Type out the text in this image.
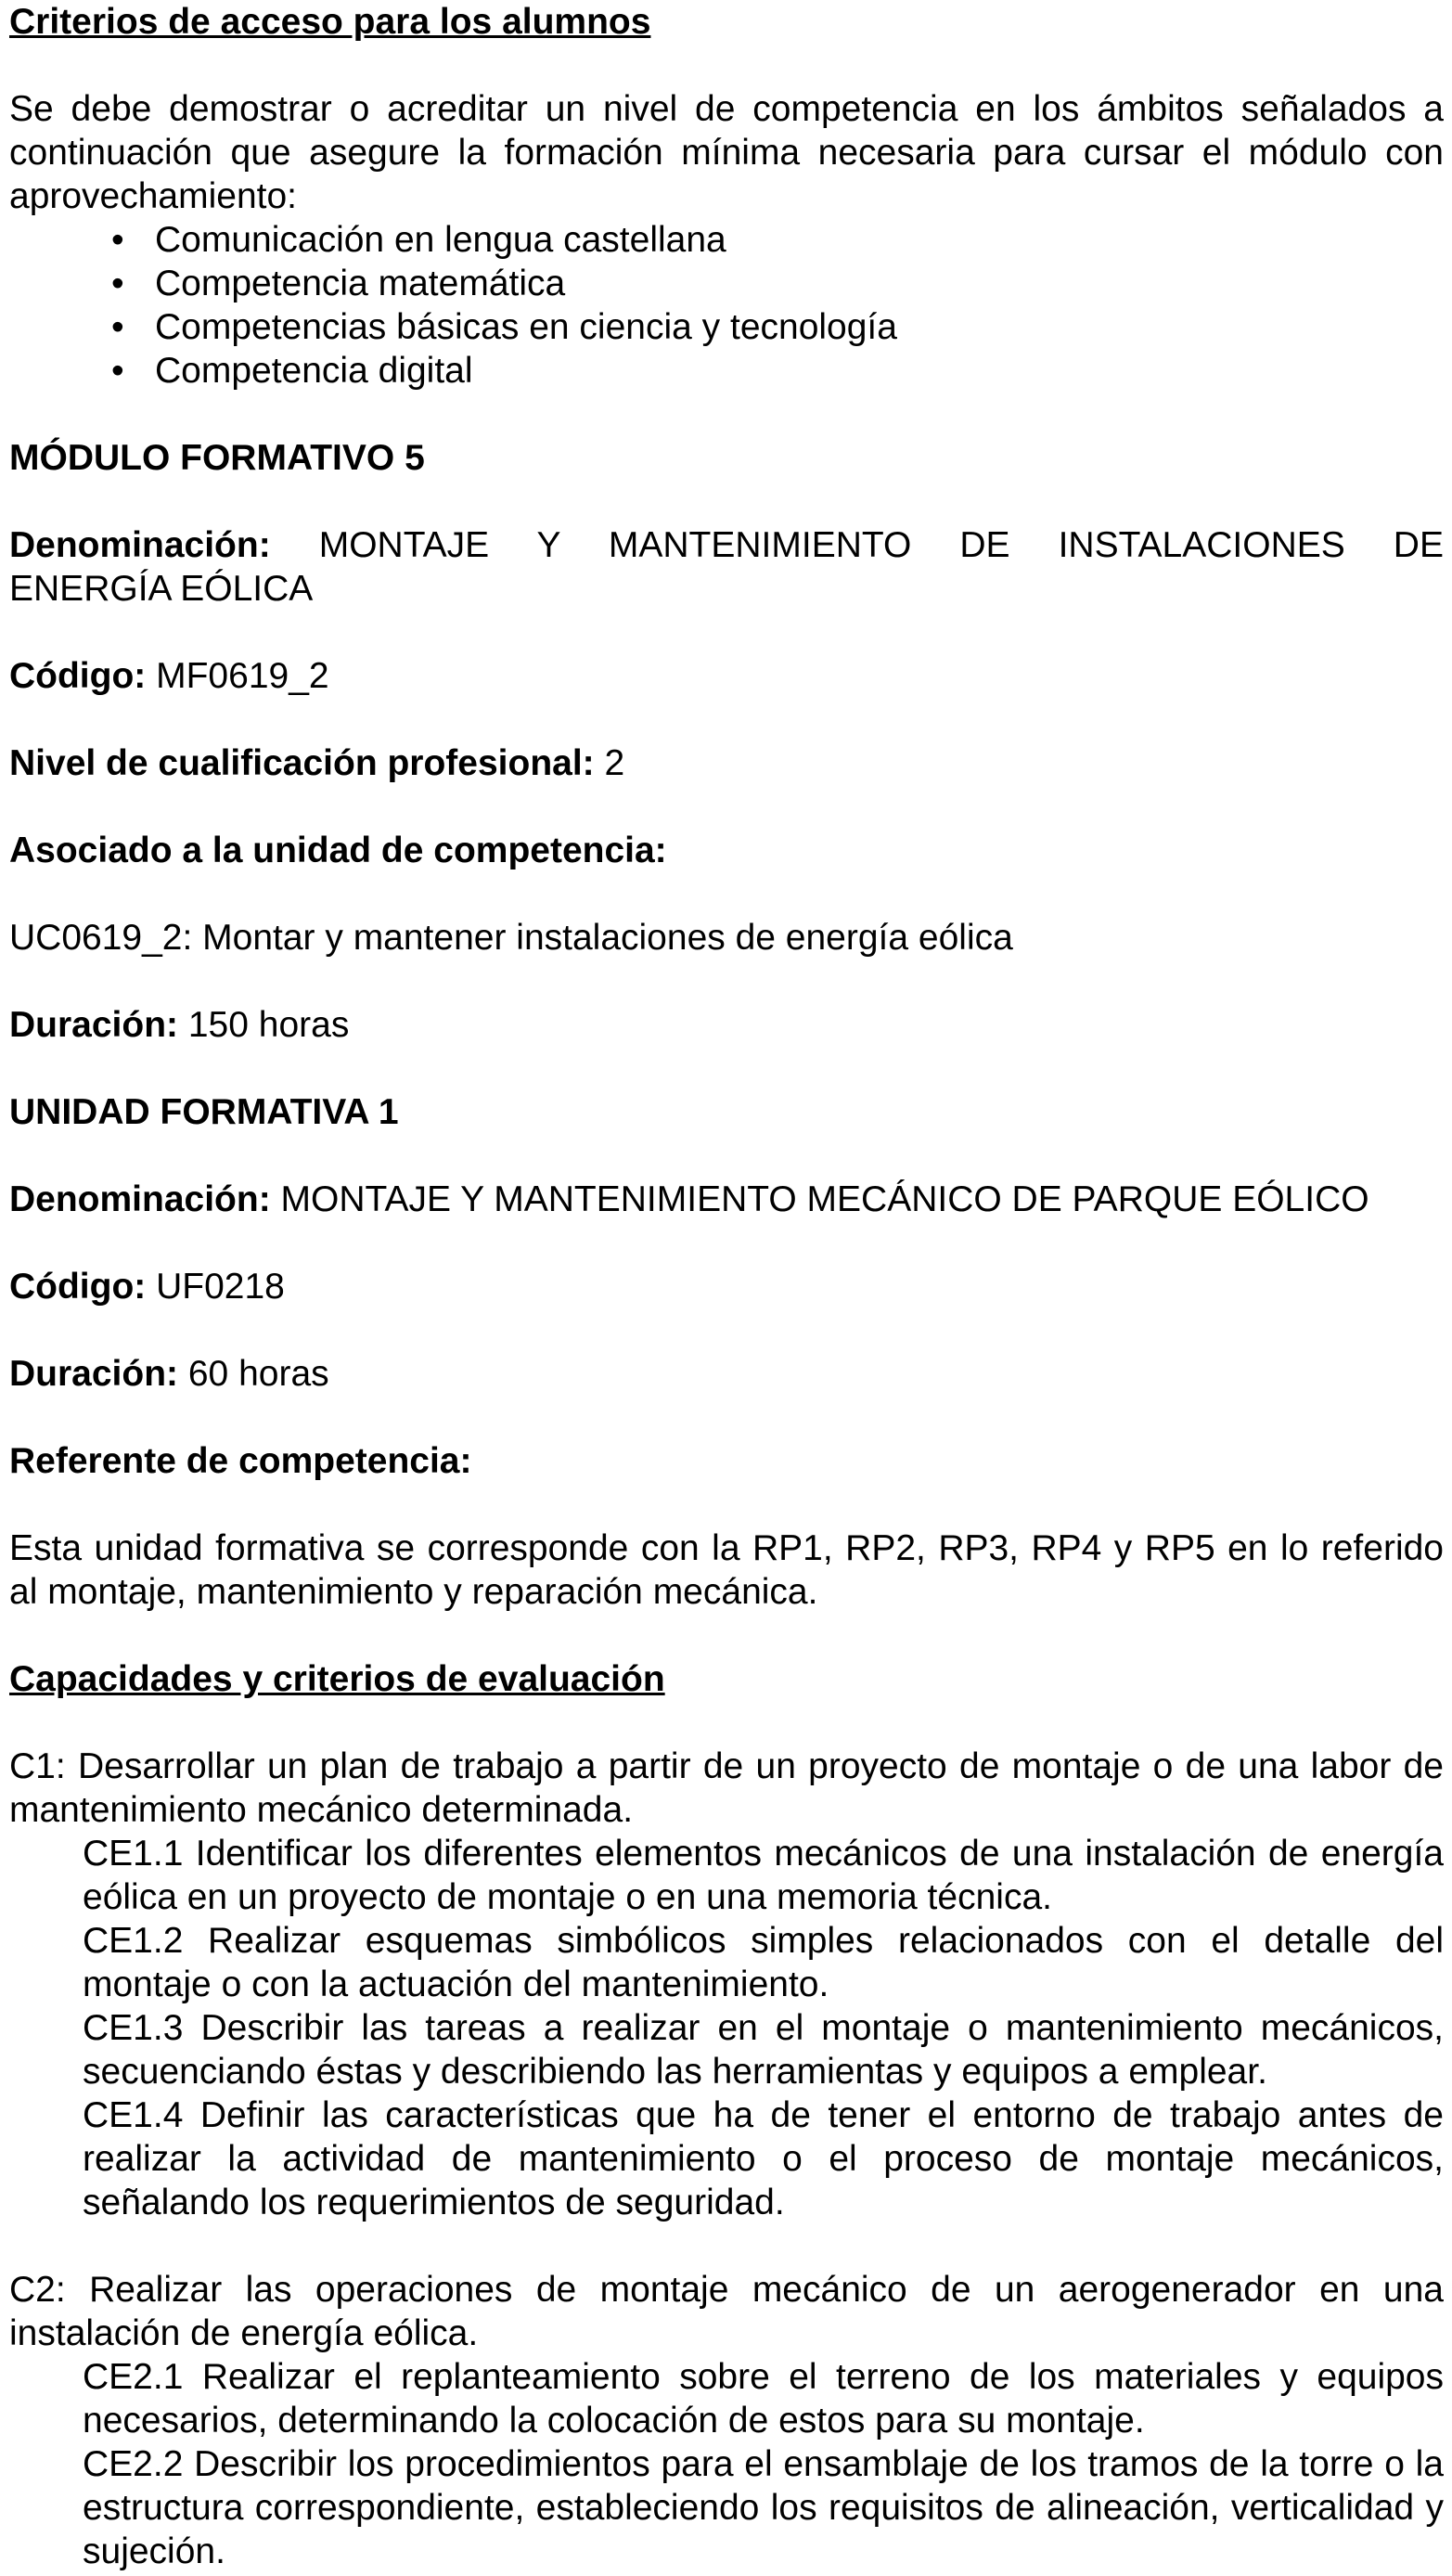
Criterios de acceso para los alumnos

Se debe demostrar o acreditar un nivel de competencia en los ámbitos señalados a continuación que asegure la formación mínima necesaria para cursar el módulo con aprovechamiento:

• Comunicación en lengua castellana
• Competencia matemática
• Competencias básicas en ciencia y tecnología
• Competencia digital

MÓDULO FORMATIVO 5

Denominación: MONTAJE Y MANTENIMIENTO DE INSTALACIONES DE

ENERGÍA EÓLICA

Código: MF0619_2

Nivel de cualificación profesional: 2

Asociado a la unidad de competencia:

UC0619_2: Montar y mantener instalaciones de energía eólica

Duración: 150 horas

UNIDAD FORMATIVA 1

Denominación: MONTAJE Y MANTENIMIENTO MECÁNICO DE PARQUE EÓLICO

Código: UF0218

Duración: 60 horas

Referente de competencia:

Esta unidad formativa se corresponde con la RP1, RP2, RP3, RP4 y RP5 en lo referido al montaje, mantenimiento y reparación mecánica.

Capacidades y criterios de evaluación

C1: Desarrollar un plan de trabajo a partir de un proyecto de montaje o de una labor de mantenimiento mecánico determinada.

CE1.1 Identificar los diferentes elementos mecánicos de una instalación de energía eólica en un proyecto de montaje o en una memoria técnica.

CE1.2 Realizar esquemas simbólicos simples relacionados con el detalle del montaje o con la actuación del mantenimiento.

CE1.3 Describir las tareas a realizar en el montaje o mantenimiento mecánicos, secuenciando éstas y describiendo las herramientas y equipos a emplear.

CE1.4 Definir las características que ha de tener el entorno de trabajo antes de realizar la actividad de mantenimiento o el proceso de montaje mecánicos, señalando los requerimientos de seguridad.

C2: Realizar las operaciones de montaje mecánico de un aerogenerador en una instalación de energía eólica.

CE2.1 Realizar el replanteamiento sobre el terreno de los materiales y equipos necesarios, determinando la colocación de estos para su montaje.

CE2.2 Describir los procedimientos para el ensamblaje de los tramos de la torre o la estructura correspondiente, estableciendo los requisitos de alineación, verticalidad y sujeción.
